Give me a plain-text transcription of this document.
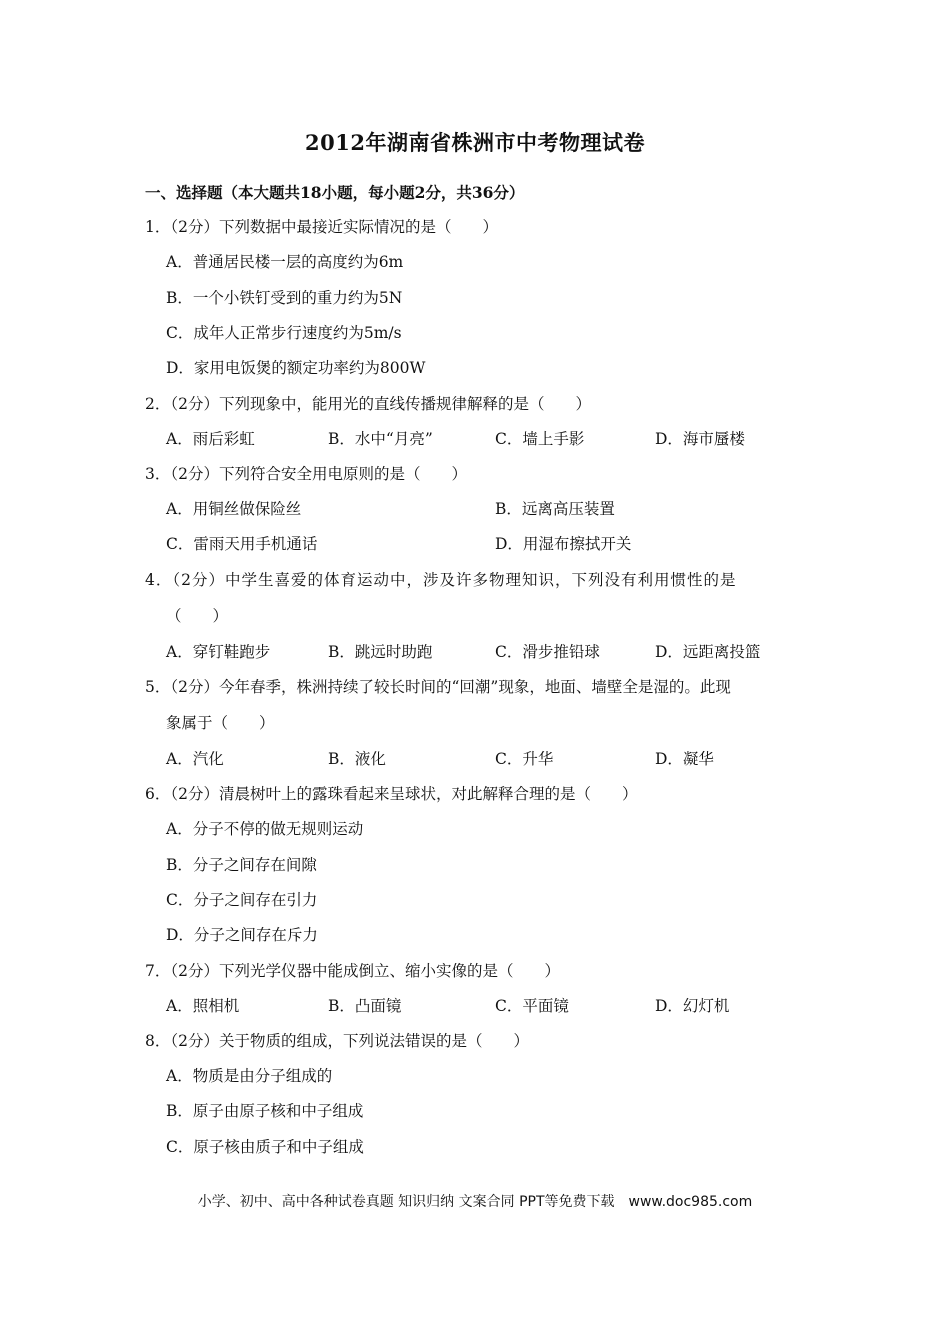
2012年湖南省株洲市中考物理试卷
一、选择题（本大题共18小题，每小题2分，共36分）
1．（2分）下列数据中最接近实际情况的是（　　）
A．普通居民楼一层的高度约为6m
B．一个小铁钉受到的重力约为5N
C．成年人正常步行速度约为5m/s
D．家用电饭煲的额定功率约为800W
2．（2分）下列现象中，能用光的直线传播规律解释的是（　　）
A．雨后彩虹	B．水中“月亮”	C．墙上手影	D．海市蜃楼
3．（2分）下列符合安全用电原则的是（　　）
A．用铜丝做保险丝	B．远离高压装置
C．雷雨天用手机通话	D．用湿布擦拭开关
4．（2分）中学生喜爱的体育运动中，涉及许多物理知识，下列没有利用惯性的是
（　　）
A．穿钉鞋跑步	B．跳远时助跑	C．滑步推铅球	D．远距离投篮
5．（2分）今年春季，株洲持续了较长时间的“回潮”现象，地面、墙壁全是湿的。此现
象属于（　　）
A．汽化	B．液化	C．升华	D．凝华
6．（2分）清晨树叶上的露珠看起来呈球状，对此解释合理的是（　　）
A．分子不停的做无规则运动
B．分子之间存在间隙
C．分子之间存在引力
D．分子之间存在斥力
7．（2分）下列光学仪器中能成倒立、缩小实像的是（　　）
A．照相机	B．凸面镜	C．平面镜	D．幻灯机
8．（2分）关于物质的组成，下列说法错误的是（　　）
A．物质是由分子组成的
B．原子由原子核和中子组成
C．原子核由质子和中子组成
小学、初中、高中各种试卷真题 知识归纳 文案合同 PPT等免费下载　www.doc985.com
